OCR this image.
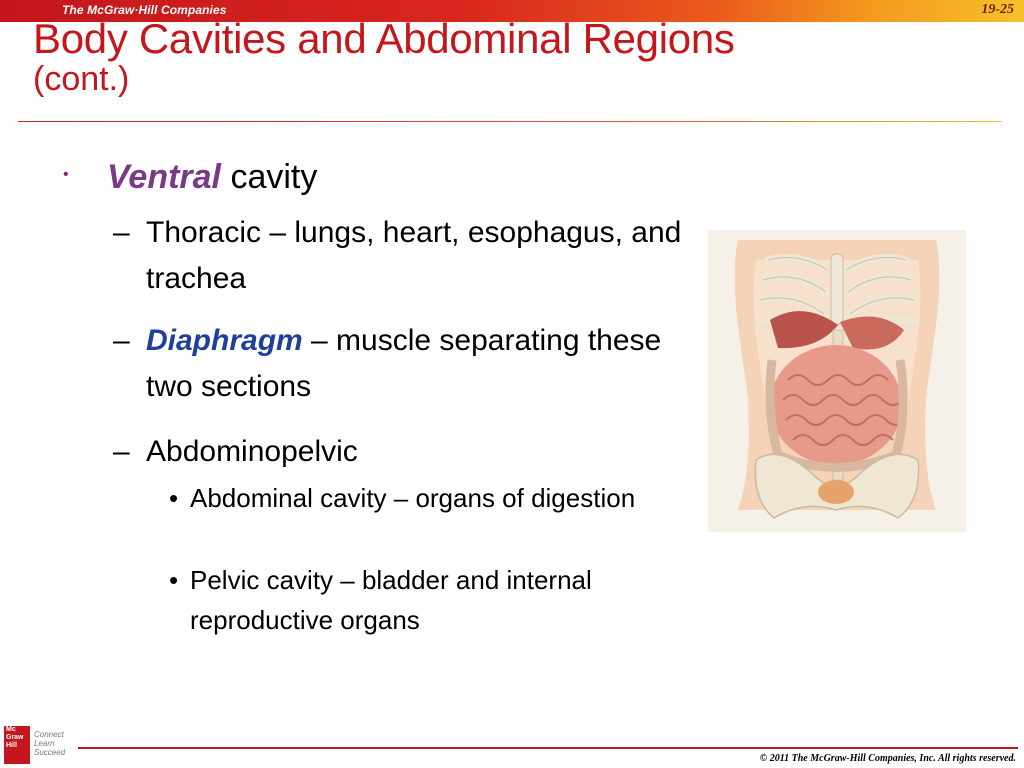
The McGraw·Hill Companies	19-25
Body Cavities and Abdominal Regions
(cont.)
• Ventral cavity
– Thoracic – lungs, heart, esophagus, and trachea
– Diaphragm – muscle separating these two sections
– Abdominopelvic
• Abdominal cavity – organs of digestion
• Pelvic cavity – bladder and internal reproductive organs
Mc
Graw
Hill
Connect
Learn
Succeed
© 2011 The McGraw-Hill Companies, Inc. All rights reserved.
